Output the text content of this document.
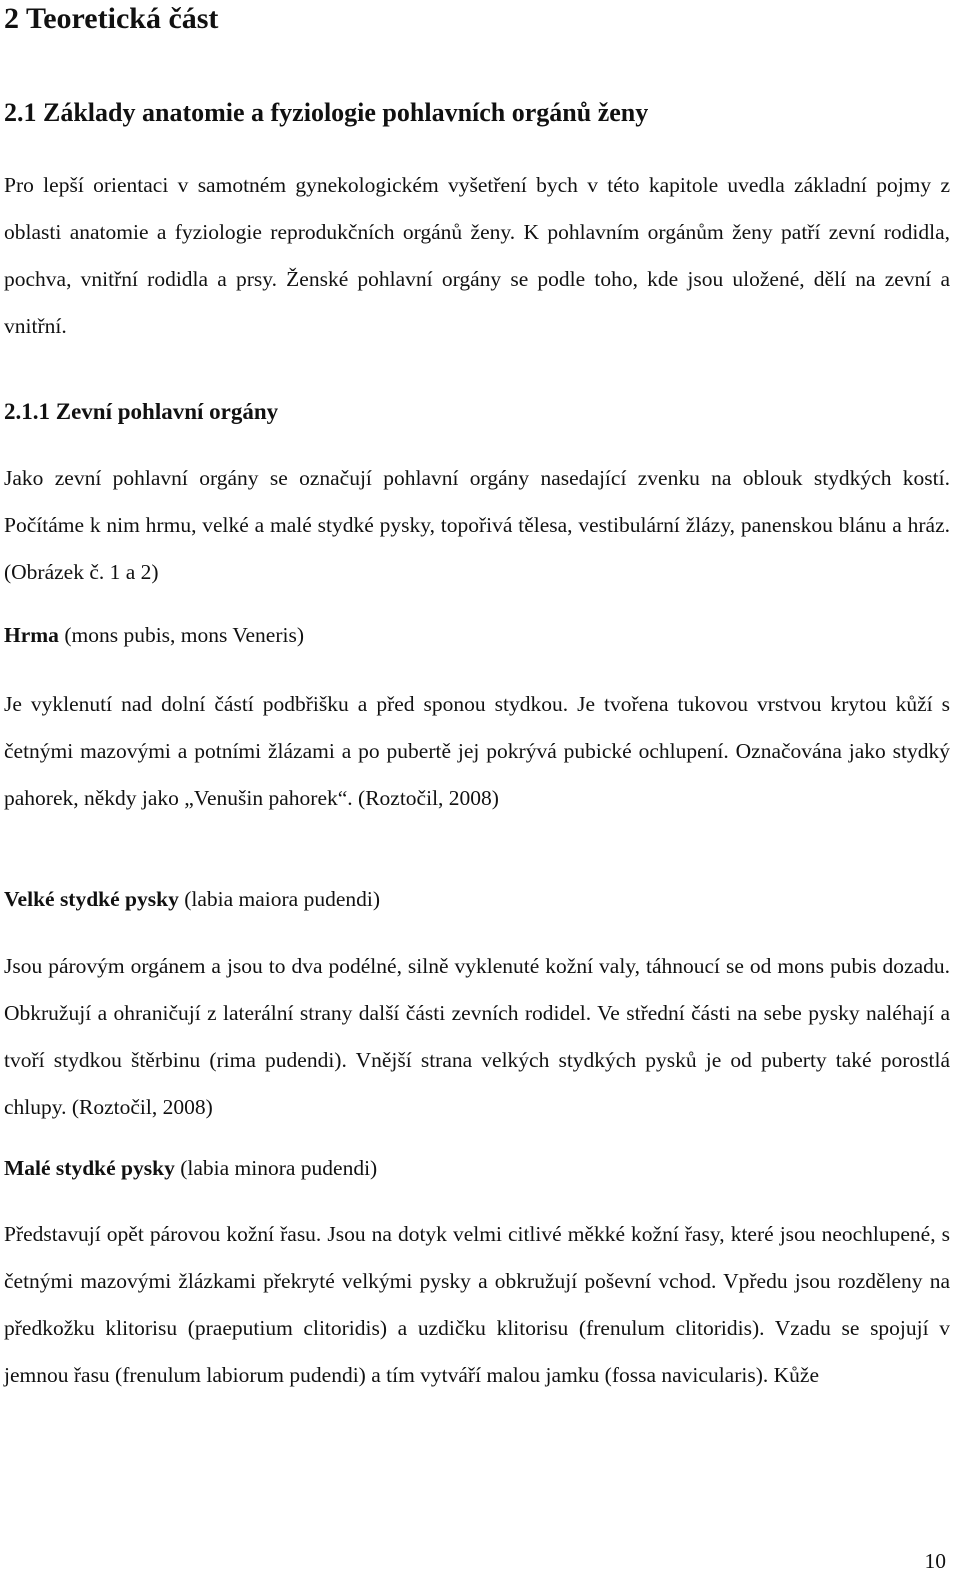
2 Teoretická část
2.1 Základy anatomie a fyziologie pohlavních orgánů ženy

Pro lepší orientaci v samotném gynekologickém vyšetření bych v této kapitole uvedla základní pojmy z oblasti anatomie a fyziologie reprodukčních orgánů ženy. K pohlavním orgánům ženy patří zevní rodidla, pochva, vnitřní rodidla a prsy. Ženské pohlavní orgány se podle toho, kde jsou uložené, dělí na zevní a vnitřní.

2.1.1 Zevní pohlavní orgány

Jako zevní pohlavní orgány se označují pohlavní orgány nasedající zvenku na oblouk stydkých kostí. Počítáme k nim hrmu, velké a malé stydké pysky, topořivá tělesa, vestibulární žlázy, panenskou blánu a hráz. (Obrázek č. 1 a 2)

Hrma (mons pubis, mons Veneris)

Je vyklenutí nad dolní částí podbřišku a před sponou stydkou. Je tvořena tukovou vrstvou krytou kůží s četnými mazovými a potními žlázami a po pubertě jej pokrývá pubické ochlupení. Označována jako stydký pahorek, někdy jako „Venušin pahorek“. (Roztočil, 2008)

Velké stydké pysky (labia maiora pudendi)

Jsou párovým orgánem a jsou to dva podélné, silně vyklenuté kožní valy, táhnoucí se od mons pubis dozadu. Obkružují a ohraničují z laterální strany další části zevních rodidel. Ve střední části na sebe pysky naléhají a tvoří stydkou štěrbinu (rima pudendi). Vnější strana velkých stydkých pysků je od puberty také porostlá chlupy. (Roztočil, 2008)

Malé stydké pysky (labia minora pudendi)

Představují opět párovou kožní řasu. Jsou na dotyk velmi citlivé měkké kožní řasy, které jsou neochlupené, s četnými mazovými žlázkami překryté velkými pysky a obkružují poševní vchod. Vpředu jsou rozděleny na předkožku klitorisu (praeputium clitoridis) a uzdičku klitorisu (frenulum clitoridis). Vzadu se spojují v jemnou řasu (frenulum labiorum pudendi) a tím vytváří malou jamku (fossa navicularis). Kůže

10
